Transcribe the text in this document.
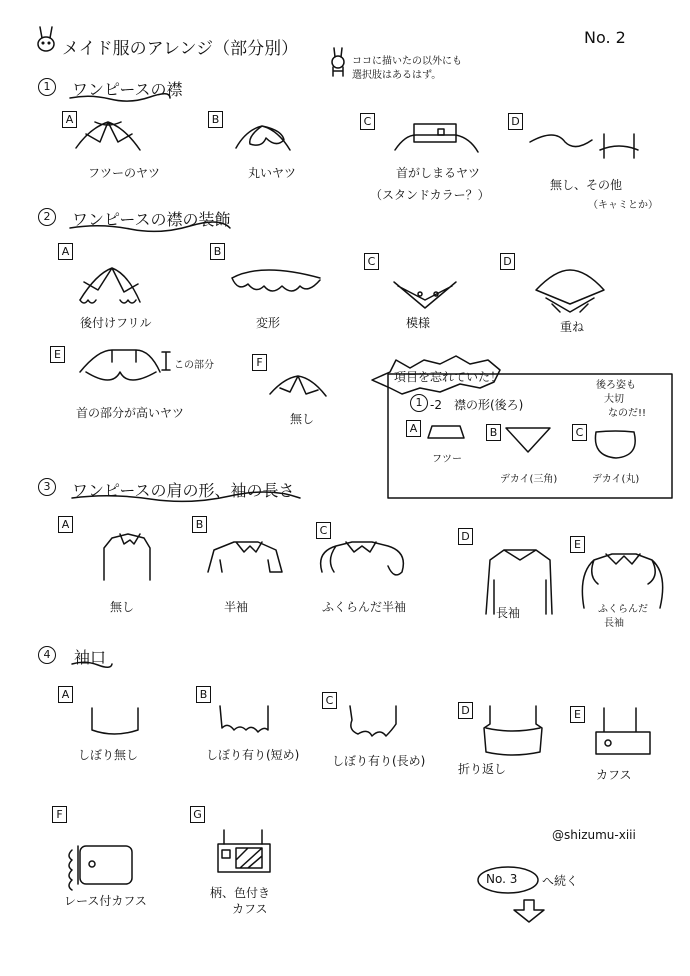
メイド服のアレンジ（部分別）
No. 2
ココに描いたの以外にも
選択肢はあるはず。
1	ワンピースの襟
A
フツーのヤツ
B
丸いヤツ
C
首がしまるヤツ
（スタンドカラー？）
D
無し、その他
（キャミとか）
2	ワンピースの襟の装飾
A
後付けフリル
B
変形
C
模様
D
重ね
E
首の部分が高いヤツ
この部分	F
無し
項目を忘れていた！
1 -2　襟の形(後ろ)
後ろ姿も
大切
なのだ!!
A
フツー
B
デカイ(三角)
C
デカイ(丸)
3	ワンピースの肩の形、袖の長さ
A
無し
B
半袖
C
ふくらんだ半袖
D
長袖
E
ふくらんだ
長袖
4	袖口
A
しぼり無し
B
しぼり有り(短め)
C
しぼり有り(長め)
D
折り返し
E
カフス
F
レース付カフス
G
柄、色付き
カフス
@shizumu-xiii
No. 3 へ続く
